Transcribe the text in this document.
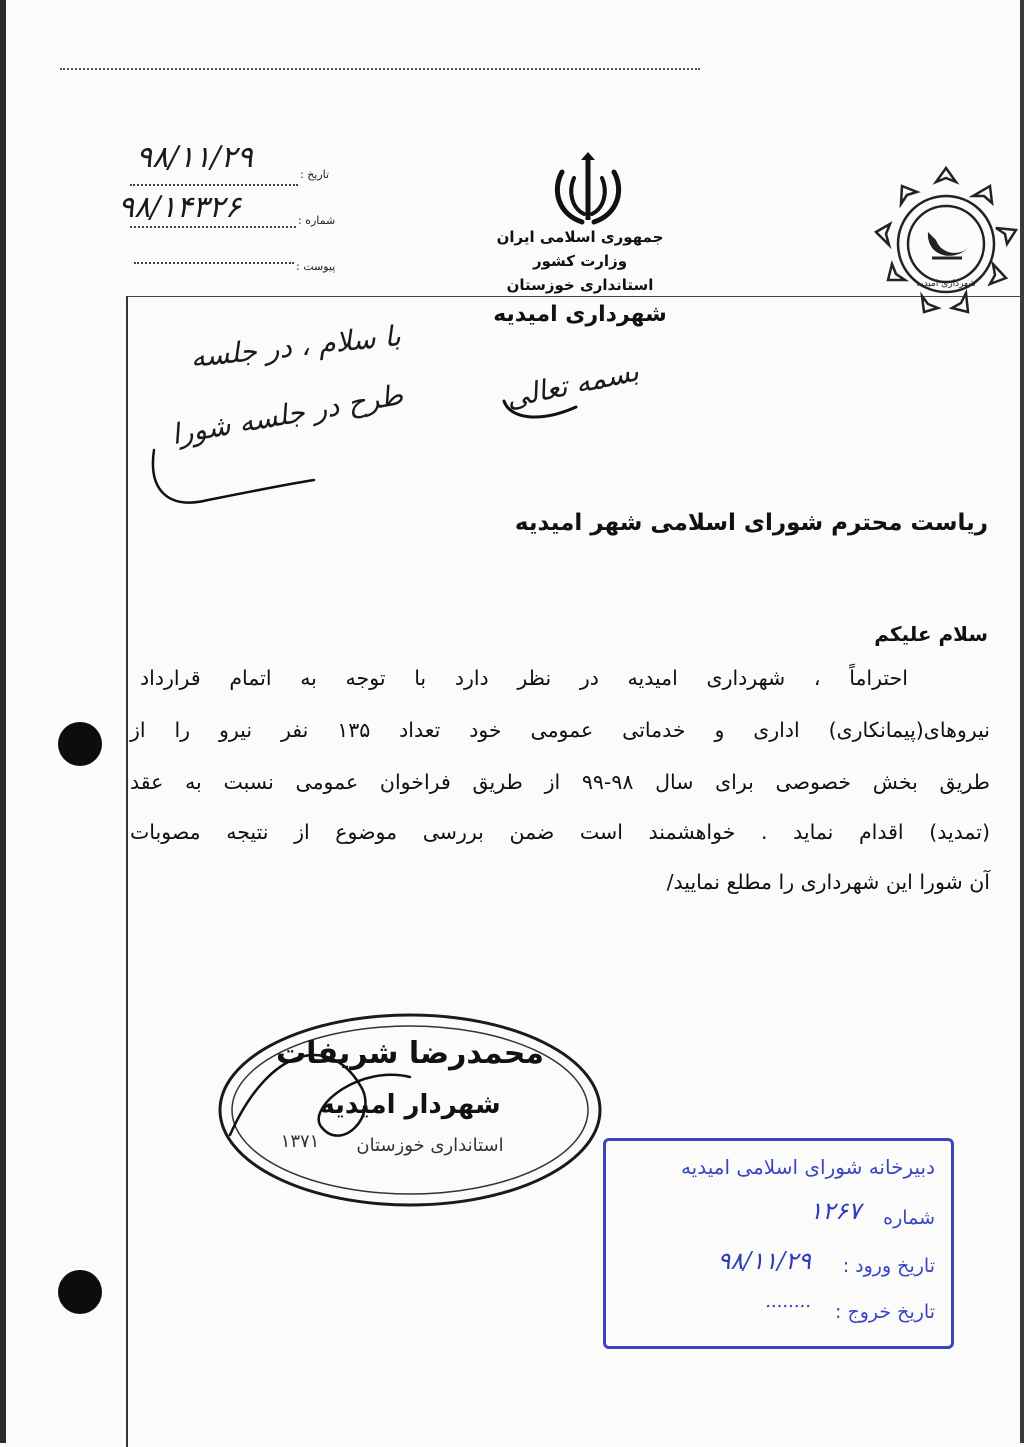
تاریخ :
۹۸/۱۱/۲۹
شماره :
۹۸/۱۴۳۲۶
پیوست :
جمهوری اسلامی ایران
وزارت کشور
استانداری خوزستان
شهرداری امیدیه
شهرداری امیدیه
بسمه تعالی
با سلام ، در جلسه
طرح در جلسه شورا
ریاست محترم شورای اسلامی شهر امیدیه
سلام علیکم
احتراماً ، شهرداری امیدیه در نظر دارد با توجه به اتمام قرارداد
نیروهای(پیمانکاری) اداری و خدماتی عمومی خود تعداد ۱۳۵ نفر نیرو را از
طریق بخش خصوصی برای سال ۹۸-۹۹ از طریق فراخوان عمومی نسبت به عقد
(تمدید) اقدام نماید . خواهشمند است ضمن بررسی موضوع از نتیجه مصوبات
آن شورا این شهرداری را مطلع نمایید/
محمدرضا شریفات
شهردار امیدیه
استانداری خوزستان
۱۳۷۱
دبیرخانه شورای اسلامی امیدیه
شماره
۱۲۶۷
تاریخ ورود :
۹۸/۱۱/۲۹
تاریخ خروج :
........
